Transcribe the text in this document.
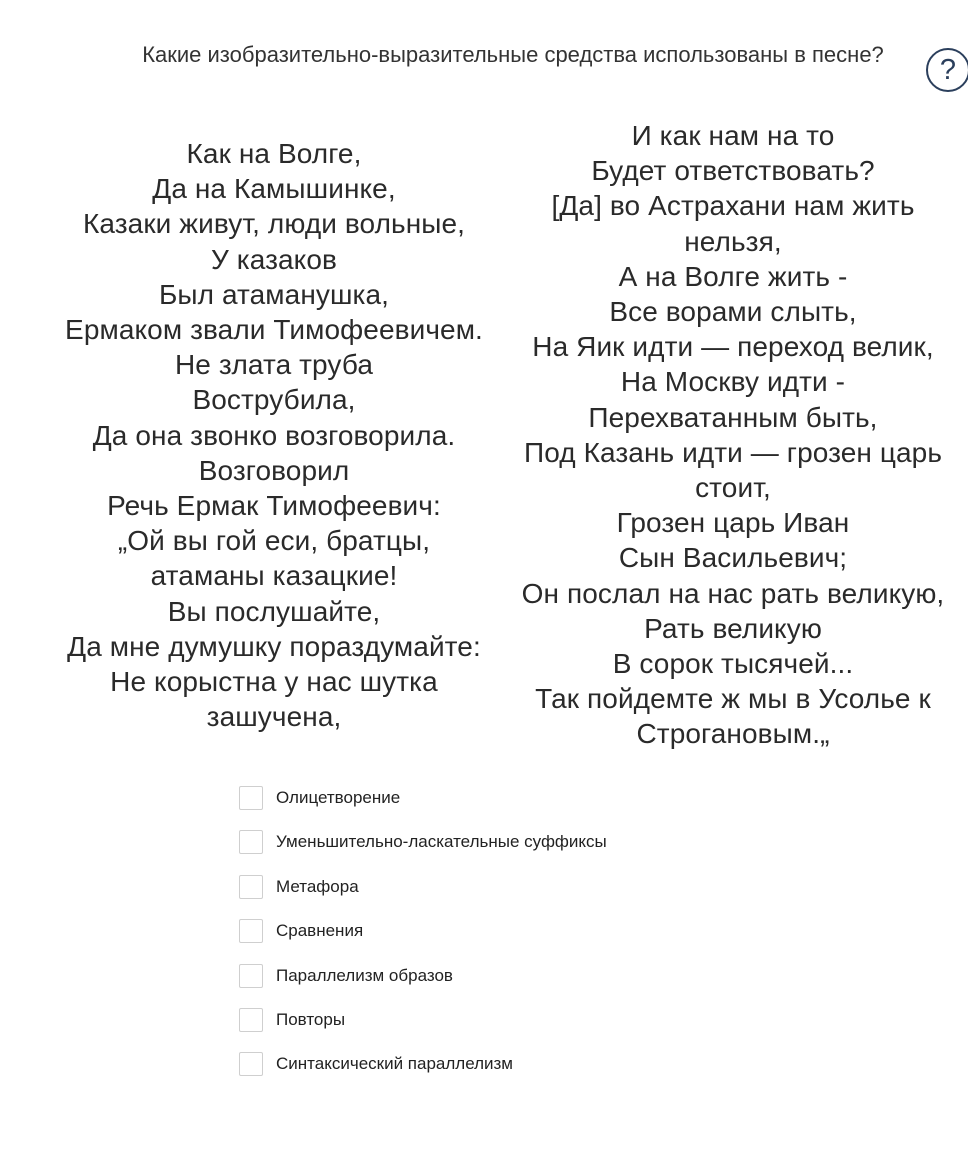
Какие изобразительно-выразительные средства использованы в песне?	?
Как на Волге,
Да на Камышинке,
Казаки живут, люди вольные,
У казаков
Был атаманушка,
Ермаком звали Тимофеевичем.
Не злата труба
Вострубила,
Да она звонко возговорила.
Возговорил
Речь Ермак Тимофеевич:
„Ой вы гой еси, братцы,
атаманы казацкие!
Вы послушайте,
Да мне думушку пораздумайте:
Не корыстна у нас шутка
зашучена,
И как нам на то
Будет ответствовать?
[Да] во Астрахани нам жить
нельзя,
А на Волге жить -
Все ворами слыть,
На Яик идти — переход велик,
На Москву идти -
Перехватанным быть,
Под Казань идти — грозен царь
стоит,
Грозен царь Иван
Сын Васильевич;
Он послал на нас рать великую,
Рать великую
В сорок тысячей...
Так пойдемте ж мы в Усолье к
Строгановым.„
Олицетворение
Уменьшительно-ласкательные суффиксы
Метафора
Сравнения
Параллелизм образов
Повторы
Синтаксический параллелизм
